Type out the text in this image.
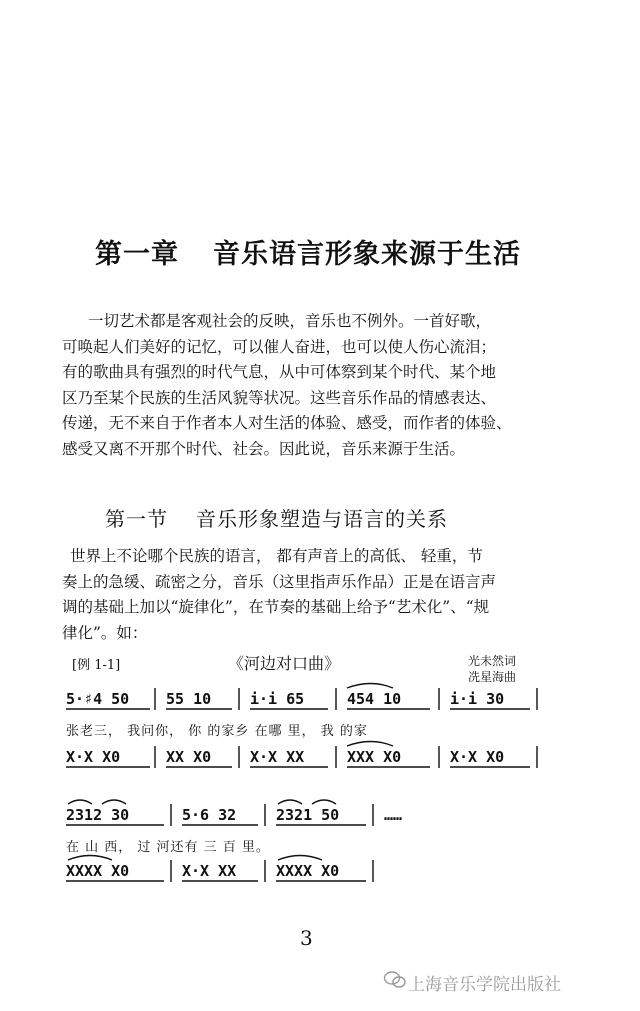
第一章 音乐语言形象来源于生活
一切艺术都是客观社会的反映，音乐也不例外。一首好歌，
可唤起人们美好的记忆，可以催人奋进，也可以使人伤心流泪；
有的歌曲具有强烈的时代气息，从中可体察到某个时代、某个地
区乃至某个民族的生活风貌等状况。这些音乐作品的情感表达、
传递，无不来自于作者本人对生活的体验、感受，而作者的体验、
感受又离不开那个时代、社会。因此说，音乐来源于生活。
第一节 音乐形象塑造与语言的关系
世界上不论哪个民族的语言， 都有声音上的高低、 轻重，节
奏上的急缓、疏密之分，音乐（这里指声乐作品）正是在语言声
调的基础上加以“旋律化”，在节奏的基础上给予“艺术化”、“规
律化”。如：
[例 1-1]	《河边对口曲》	光未然词
冼星海曲
5·♯4 50 55 10	i·i 65	454 10	i·i 30
张老三， 我问你， 你 的家乡 在哪 里， 我 的家
X·X X0	XX X0	X·X XX	XXX X0	X·X X0
2312 30	5·6 32	2321 50	……
在 山 西， 过 河还有 三 百 里。
XXXX X0	X·X XX	XXXX X0
3
上海音乐学院出版社
